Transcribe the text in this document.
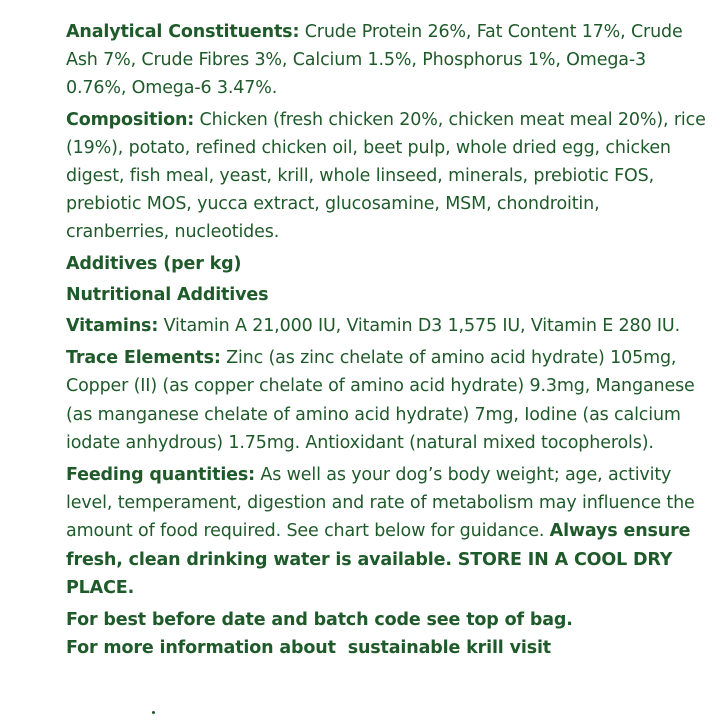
Analytical Constituents: Crude Protein 26%, Fat Content 17%, Crude Ash 7%, Crude Fibres 3%, Calcium 1.5%, Phosphorus 1%, Omega-3 0.76%, Omega-6 3.47%.

Composition: Chicken (fresh chicken 20%, chicken meat meal 20%), rice (19%), potato, refined chicken oil, beet pulp, whole dried egg, chicken digest, fish meal, yeast, krill, whole linseed, minerals, prebiotic FOS, prebiotic MOS, yucca extract, glucosamine, MSM, chondroitin, cranberries, nucleotides.

Additives (per kg)

Nutritional Additives

Vitamins: Vitamin A 21,000 IU, Vitamin D3 1,575 IU, Vitamin E 280 IU.

Trace Elements: Zinc (as zinc chelate of amino acid hydrate) 105mg, Copper (II) (as copper chelate of amino acid hydrate) 9.3mg, Manganese (as manganese chelate of amino acid hydrate) 7mg, Iodine (as calcium iodate anhydrous) 1.75mg. Antioxidant (natural mixed tocopherols).

Feeding quantities: As well as your dog’s body weight; age, activity level, temperament, digestion and rate of metabolism may influence the amount of food required. See chart below for guidance. Always ensure fresh, clean drinking water is available. STORE IN A COOL DRY PLACE.

For best before date and batch code see top of bag.

For more information about  sustainable krill visit
